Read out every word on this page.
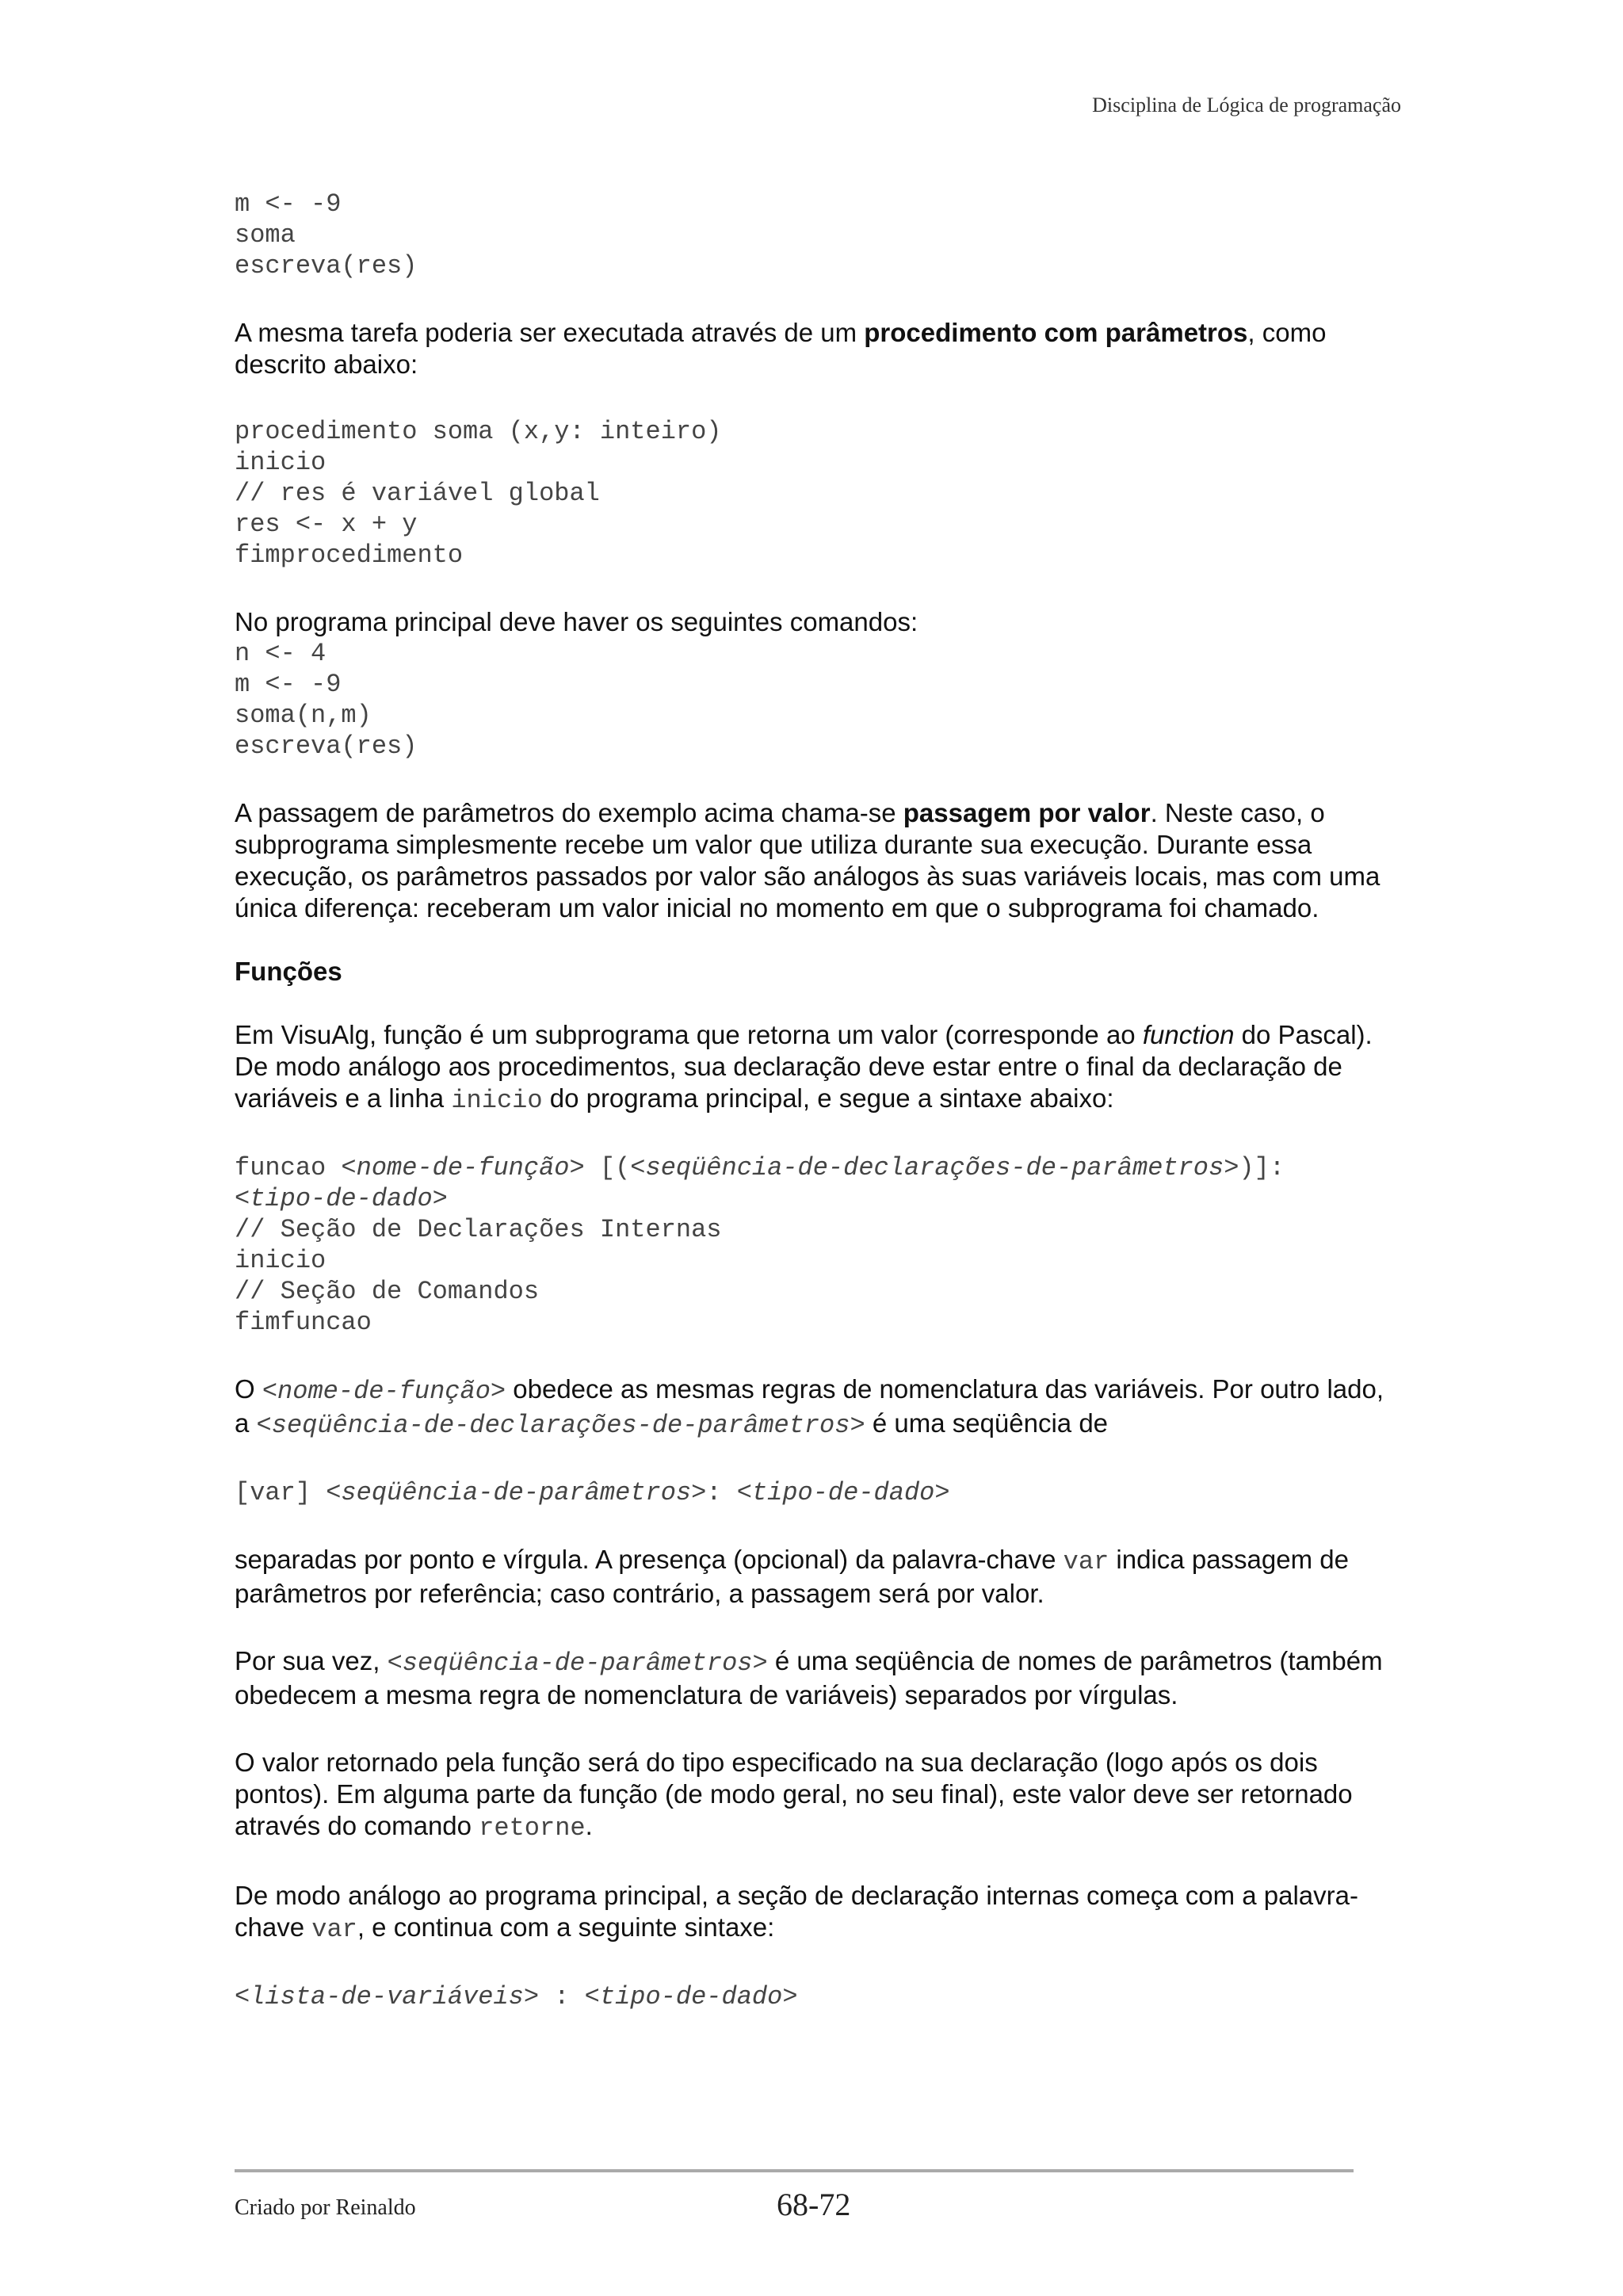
Disciplina de Lógica de programação
m <- -9
soma
escreva(res)
A mesma tarefa poderia ser executada através de um procedimento com parâmetros, como descrito abaixo:
procedimento soma (x,y: inteiro)
inicio
// res é variável global
res <- x + y
fimprocedimento
No programa principal deve haver os seguintes comandos:
n <- 4
m <- -9
soma(n,m)
escreva(res)
A passagem de parâmetros do exemplo acima chama-se passagem por valor. Neste caso, o subprograma simplesmente recebe um valor que utiliza durante sua execução. Durante essa execução, os parâmetros passados por valor são análogos às suas variáveis locais, mas com uma única diferença: receberam um valor inicial no momento em que o subprograma foi chamado.
Funções
Em VisuAlg, função é um subprograma que retorna um valor (corresponde ao function do Pascal). De modo análogo aos procedimentos, sua declaração deve estar entre o final da declaração de variáveis e a linha inicio do programa principal, e segue a sintaxe abaixo:
funcao <nome-de-função> [(<seqüência-de-declarações-de-parâmetros>)]:
<tipo-de-dado>
// Seção de Declarações Internas
inicio
// Seção de Comandos
fimfuncao
O <nome-de-função> obedece as mesmas regras de nomenclatura das variáveis. Por outro lado, a <seqüência-de-declarações-de-parâmetros> é uma seqüência de
[var] <seqüência-de-parâmetros>: <tipo-de-dado>
separadas por ponto e vírgula. A presença (opcional) da palavra-chave var indica passagem de parâmetros por referência; caso contrário, a passagem será por valor.
Por sua vez, <seqüência-de-parâmetros> é uma seqüência de nomes de parâmetros (também obedecem a mesma regra de nomenclatura de variáveis) separados por vírgulas.
O valor retornado pela função será do tipo especificado na sua declaração (logo após os dois pontos). Em alguma parte da função (de modo geral, no seu final), este valor deve ser retornado através do comando retorne.
De modo análogo ao programa principal, a seção de declaração internas começa com a palavra-chave var, e continua com a seguinte sintaxe:
<lista-de-variáveis> : <tipo-de-dado>
Criado por Reinaldo	68-72
